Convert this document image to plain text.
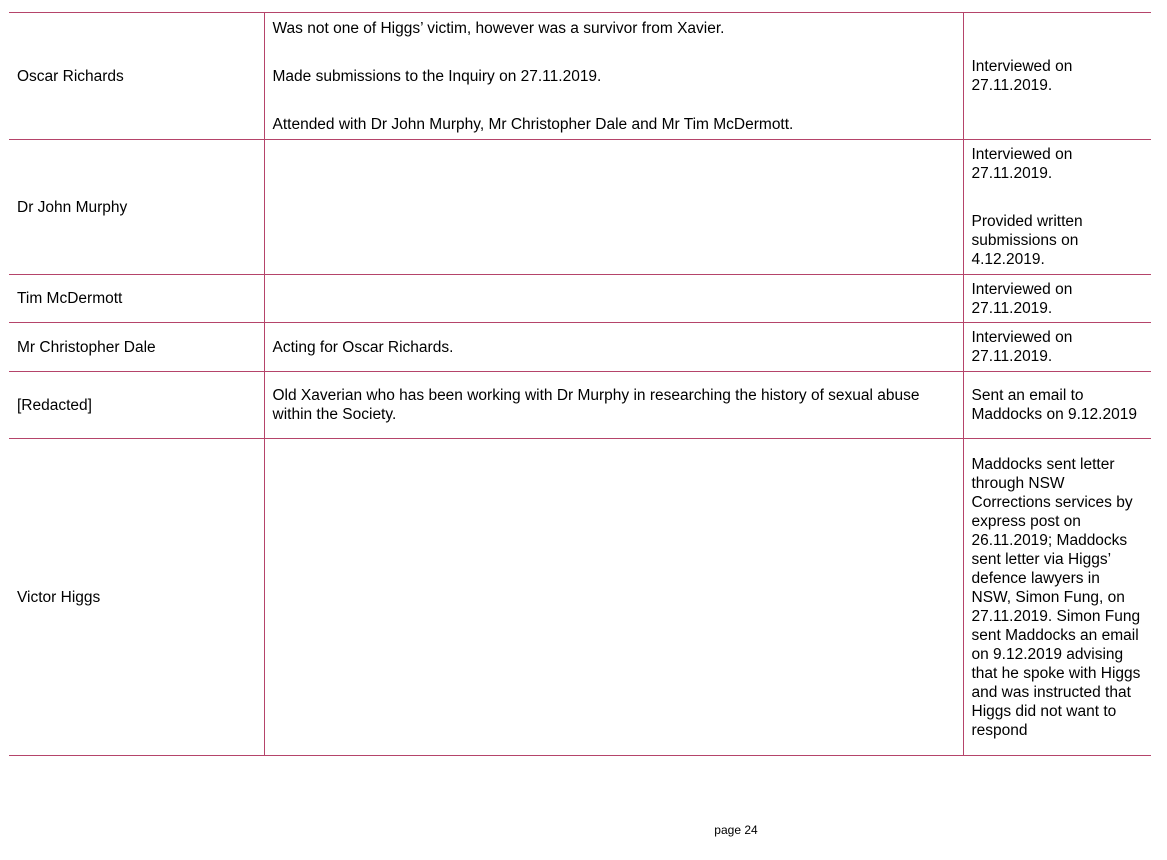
Oscar Richards	Was not one of Higgs’ victim, however was a survivor from Xavier.

Made submissions to the Inquiry on 27.11.2019.

Attended with Dr John Murphy, Mr Christopher Dale and Mr Tim McDermott.	Interviewed on 27.11.2019.

Dr John Murphy		Interviewed on 27.11.2019.

Provided written submissions on 4.12.2019.

Tim McDermott		Interviewed on 27.11.2019.

Mr Christopher Dale	Acting for Oscar Richards.	Interviewed on 27.11.2019.

[Redacted]	Old Xaverian who has been working with Dr Murphy in researching the history of sexual abuse within the Society.	Sent an email to Maddocks on 9.12.2019

Victor Higgs		Maddocks sent letter through NSW Corrections services by express post on 26.11.2019; Maddocks sent letter via Higgs’ defence lawyers in NSW, Simon Fung, on 27.11.2019. Simon Fung sent Maddocks an email on 9.12.2019 advising that he spoke with Higgs and was instructed that Higgs did not want to respond

page 24
